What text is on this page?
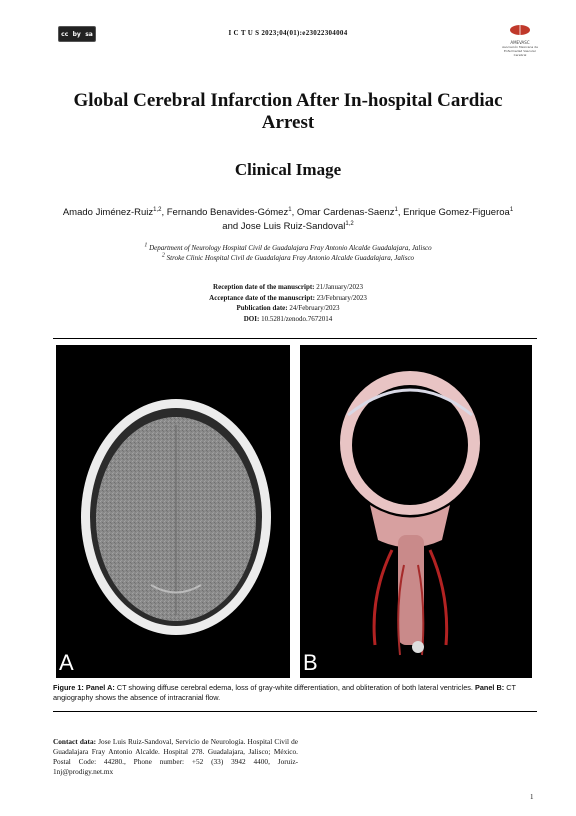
cc by sa	I C T U S 2023;04(01):e23022304004
AMEVASC
Asociación Mexicana de Enfermedad Vascular Cerebral
Global Cerebral Infarction After In-hospital Cardiac Arrest
Clinical Image
Amado Jiménez-Ruiz$^{1,2}$, Fernando Benavides-Gómez$^1$, Omar Cardenas-Saenz$^1$, Enrique Gomez-Figueroa$^1$ and Jose Luis Ruiz-Sandoval$^{1,2}$
$^1$ Department of Neurology Hospital Civil de Guadalajara Fray Antonio Alcalde Guadalajara, Jalisco
$^2$ Stroke Clinic Hospital Civil de Guadalajara Fray Antonio Alcalde Guadalajara, Jalisco
Reception date of the manuscript: 21/January/2023
Acceptance date of the manuscript: 23/February/2023
Publication date: 24/February/2023
DOI: 10.5281/zenodo.7672014
A	B
Figure 1: Panel A: CT showing diffuse cerebral edema, loss of gray-white differentiation, and obliteration of both lateral ventricles. Panel B: CT angiography shows the absence of intracranial flow.
Contact data: Jose Luis Ruiz-Sandoval, Servicio de Neurología. Hospital Civil de Guadalajara Fray Antonio Alcalde. Hospital 278. Guadalajara, Jalisco; México. Postal Code: 44280., Phone number: +52 (33) 3942 4400, Joruiz-1nj@prodigy.net.mx
1
